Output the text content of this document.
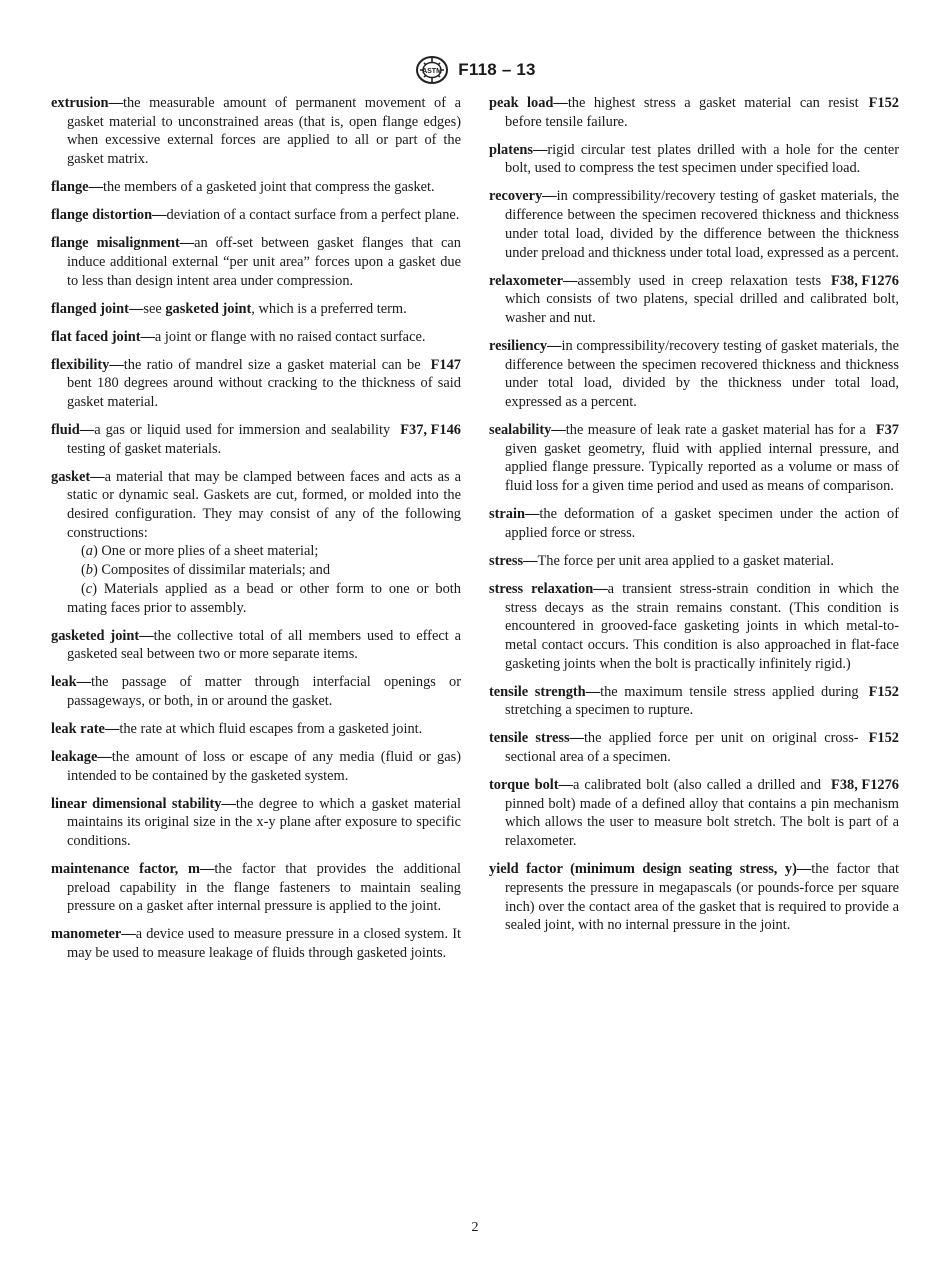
ASTM F118 – 13

extrusion—the measurable amount of permanent movement of a gasket material to unconstrained areas (that is, open flange edges) when excessive external forces are applied to all or part of the gasket matrix.

flange—the members of a gasketed joint that compress the gasket.

flange distortion—deviation of a contact surface from a perfect plane.

flange misalignment—an off-set between gasket flanges that can induce additional external “per unit area” forces upon a gasket due to less than design intent area under compression.

flanged joint—see gasketed joint, which is a preferred term.

flat faced joint—a joint or flange with no raised contact surface.

F147
flexibility—the ratio of mandrel size a gasket material can be bent 180 degrees around without cracking to the thickness of said gasket material.

F37, F146
fluid—a gas or liquid used for immersion and sealability testing of gasket materials.

gasket—a material that may be clamped between faces and acts as a static or dynamic seal. Gaskets are cut, formed, or molded into the desired configuration. They may consist of any of the following constructions:
(a) One or more plies of a sheet material;
(b) Composites of dissimilar materials; and
(c) Materials applied as a bead or other form to one or both mating faces prior to assembly.

gasketed joint—the collective total of all members used to effect a gasketed seal between two or more separate items.

leak—the passage of matter through interfacial openings or passageways, or both, in or around the gasket.

leak rate—the rate at which fluid escapes from a gasketed joint.

leakage—the amount of loss or escape of any media (fluid or gas) intended to be contained by the gasketed system.

linear dimensional stability—the degree to which a gasket material maintains its original size in the x-y plane after exposure to specific conditions.

maintenance factor, m—the factor that provides the additional preload capability in the flange fasteners to maintain sealing pressure on a gasket after internal pressure is applied to the joint.

manometer—a device used to measure pressure in a closed system. It may be used to measure leakage of fluids through gasketed joints.

F152
peak load—the highest stress a gasket material can resist before tensile failure.

platens—rigid circular test plates drilled with a hole for the center bolt, used to compress the test specimen under specified load.

recovery—in compressibility/recovery testing of gasket materials, the difference between the specimen recovered thickness and thickness under total load, divided by the difference between the thickness under preload and thickness under total load, expressed as a percent.

F38, F1276
relaxometer—assembly used in creep relaxation tests which consists of two platens, special drilled and calibrated bolt, washer and nut.

resiliency—in compressibility/recovery testing of gasket materials, the difference between the specimen recovered thickness and thickness under total load, divided by the thickness under total load, expressed as a percent.

F37
sealability—the measure of leak rate a gasket material has for a given gasket geometry, fluid with applied internal pressure, and applied flange pressure. Typically reported as a volume or mass of fluid loss for a given time period and used as means of comparison.

strain—the deformation of a gasket specimen under the action of applied force or stress.

stress—The force per unit area applied to a gasket material.

stress relaxation—a transient stress-strain condition in which the stress decays as the strain remains constant. (This condition is encountered in grooved-face gasketing joints in which metal-to-metal contact occurs. This condition is also approached in flat-face gasketing joints when the bolt is practically infinitely rigid.)

F152
tensile strength—the maximum tensile stress applied during stretching a specimen to rupture.

F152
tensile stress—the applied force per unit on original cross-sectional area of a specimen.

F38, F1276
torque bolt—a calibrated bolt (also called a drilled and pinned bolt) made of a defined alloy that contains a pin mechanism which allows the user to measure bolt stretch. The bolt is part of a relaxometer.

yield factor (minimum design seating stress, y)—the factor that represents the pressure in megapascals (or pounds-force per square inch) over the contact area of the gasket that is required to provide a sealed joint, with no internal pressure in the joint.

2
